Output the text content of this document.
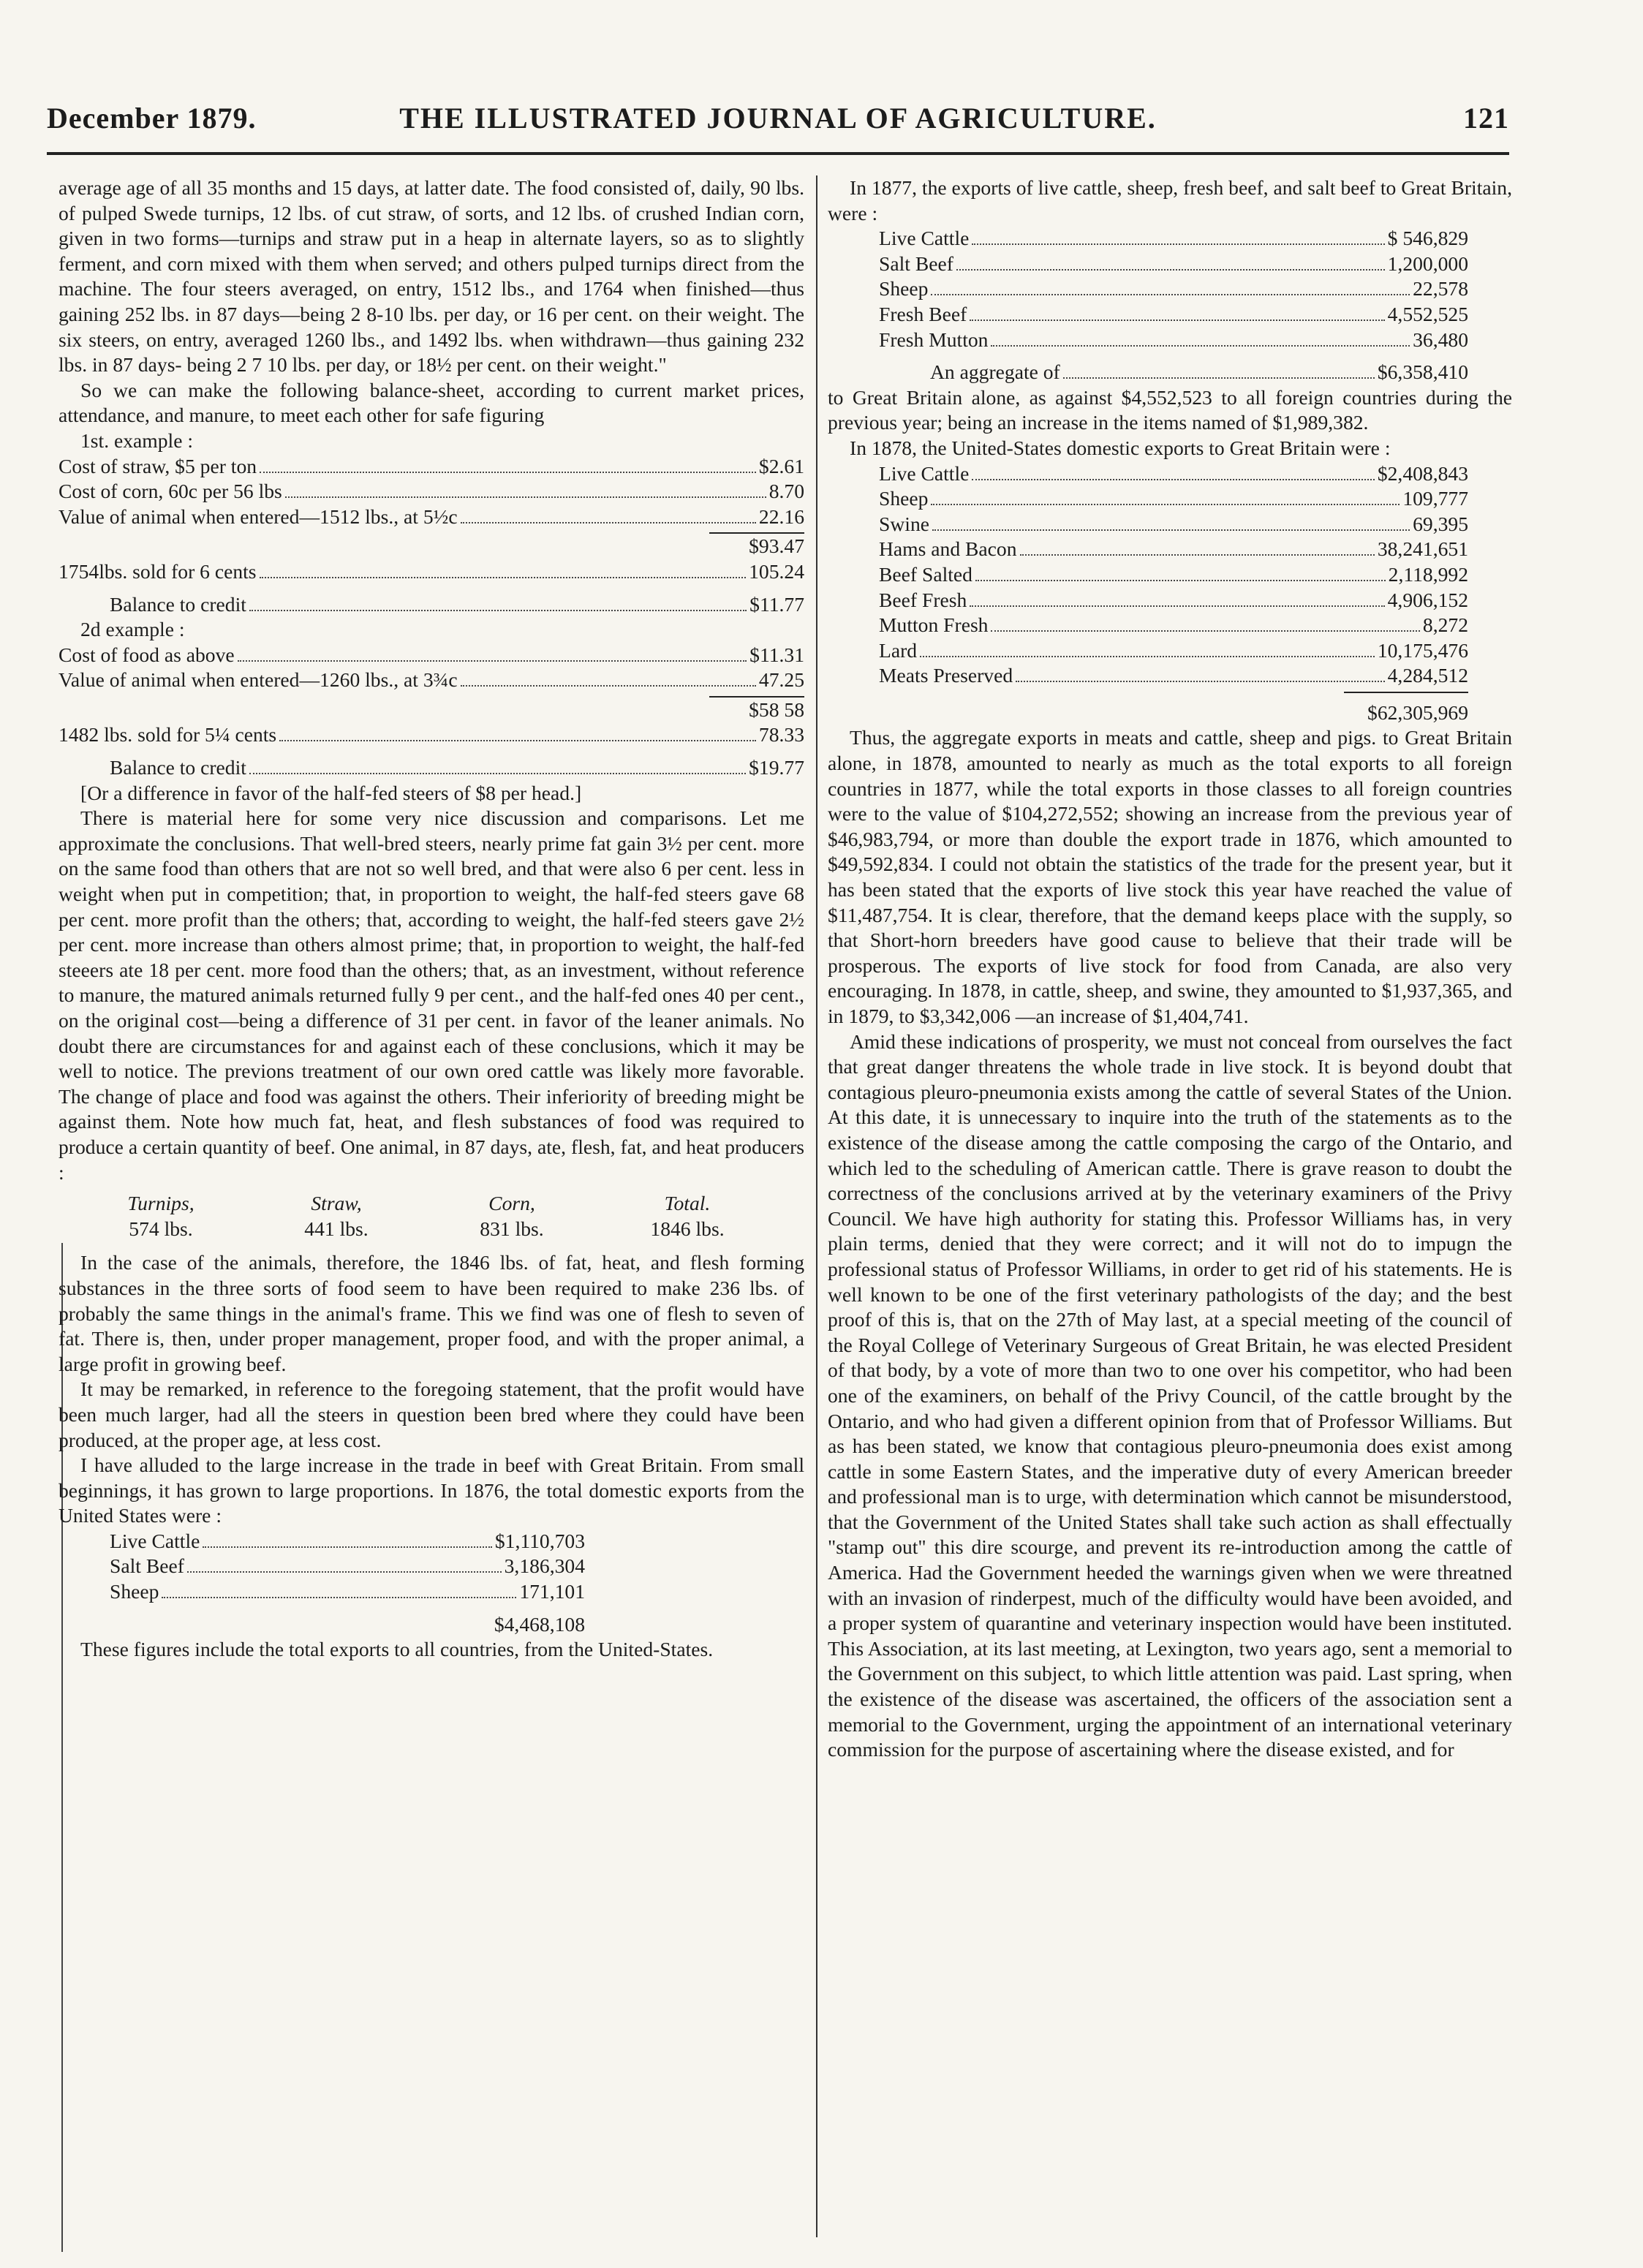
December 1879.	THE ILLUSTRATED JOURNAL OF AGRICULTURE.	121

average age of all 35 months and 15 days, at latter date. The food consisted of, daily, 90 lbs. of pulped Swede turnips, 12 lbs. of cut straw, of sorts, and 12 lbs. of crushed Indian corn, given in two forms—turnips and straw put in a heap in alternate layers, so as to slightly ferment, and corn mixed with them when served; and others pulped turnips direct from the machine. The four steers averaged, on entry, 1512 lbs., and 1764 when finished—thus gaining 252 lbs. in 87 days—being 2 8-10 lbs. per day, or 16 per cent. on their weight. The six steers, on entry, averaged 1260 lbs., and 1492 lbs. when withdrawn—thus gaining 232 lbs. in 87 days- being 2 7 10 lbs. per day, or 18½ per cent. on their weight."

So we can make the following balance-sheet, according to current market prices, attendance, and manure, to meet each other for safe figuring

1st. example :

Cost of straw, $5 per ton	$2.61
Cost of corn, 60c per 56 lbs	8.70
Value of animal when entered—1512 lbs., at 5½c	22.16
$93.47
1754lbs. sold for 6 cents	105.24
Balance to credit	$11.77

2d example :

Cost of food as above	$11.31
Value of animal when entered—1260 lbs., at 3¾c	47.25
$58 58
1482 lbs. sold for 5¼ cents	78.33
Balance to credit	$19.77

[Or a difference in favor of the half-fed steers of $8 per head.]

There is material here for some very nice discussion and comparisons. Let me approximate the conclusions. That well-bred steers, nearly prime fat gain 3½ per cent. more on the same food than others that are not so well bred, and that were also 6 per cent. less in weight when put in competition; that, in proportion to weight, the half-fed steers gave 68 per cent. more profit than the others; that, according to weight, the half-fed steers gave 2½ per cent. more increase than others almost prime; that, in proportion to weight, the half-fed steeers ate 18 per cent. more food than the others; that, as an investment, without reference to manure, the matured animals returned fully 9 per cent., and the half-fed ones 40 per cent., on the original cost—being a difference of 31 per cent. in favor of the leaner animals. No doubt there are circumstances for and against each of these conclusions, which it may be well to notice. The previons treatment of our own ored cattle was likely more favorable. The change of place and food was against the others. Their inferiority of breeding might be against them. Note how much fat, heat, and flesh substances of food was required to produce a certain quantity of beef. One animal, in 87 days, ate, flesh, fat, and heat producers :

Turnips,	Straw,	Corn,	Total.
574 lbs.	441 lbs.	831 lbs.	1846 lbs.

In the case of the animals, therefore, the 1846 lbs. of fat, heat, and flesh forming substances in the three sorts of food seem to have been required to make 236 lbs. of probably the same things in the animal's frame. This we find was one of flesh to seven of fat. There is, then, under proper management, proper food, and with the proper animal, a large profit in growing beef.

It may be remarked, in reference to the foregoing statement, that the profit would have been much larger, had all the steers in question been bred where they could have been produced, at the proper age, at less cost.

I have alluded to the large increase in the trade in beef with Great Britain. From small beginnings, it has grown to large proportions. In 1876, the total domestic exports from the United States were :

Live Cattle	$1,110,703
Salt Beef	3,186,304
Sheep	171,101
$4,468,108

These figures include the total exports to all countries, from the United-States.

In 1877, the exports of live cattle, sheep, fresh beef, and salt beef to Great Britain, were :

Live Cattle	$ 546,829
Salt Beef	1,200,000
Sheep	22,578
Fresh Beef	4,552,525
Fresh Mutton	36,480
An aggregate of	$6,358,410

to Great Britain alone, as against $4,552,523 to all foreign countries during the previous year; being an increase in the items named of $1,989,382.

In 1878, the United-States domestic exports to Great Britain were :

Live Cattle	$2,408,843
Sheep	109,777
Swine	69,395
Hams and Bacon	38,241,651
Beef Salted	2,118,992
Beef Fresh	4,906,152
Mutton Fresh	8,272
Lard	10,175,476
Meats Preserved	4,284,512
$62,305,969

Thus, the aggregate exports in meats and cattle, sheep and pigs. to Great Britain alone, in 1878, amounted to nearly as much as the total exports to all foreign countries in 1877, while the total exports in those classes to all foreign countries were to the value of $104,272,552; showing an increase from the previous year of $46,983,794, or more than double the export trade in 1876, which amounted to $49,592,834. I could not obtain the statistics of the trade for the present year, but it has been stated that the exports of live stock this year have reached the value of $11,487,754. It is clear, therefore, that the demand keeps place with the supply, so that Short-horn breeders have good cause to believe that their trade will be prosperous. The exports of live stock for food from Canada, are also very encouraging. In 1878, in cattle, sheep, and swine, they amounted to $1,937,365, and in 1879, to $3,342,006 —an increase of $1,404,741.

Amid these indications of prosperity, we must not conceal from ourselves the fact that great danger threatens the whole trade in live stock. It is beyond doubt that contagious pleuro-pneumonia exists among the cattle of several States of the Union. At this date, it is unnecessary to inquire into the truth of the statements as to the existence of the disease among the cattle composing the cargo of the Ontario, and which led to the scheduling of American cattle. There is grave reason to doubt the correctness of the conclusions arrived at by the veterinary examiners of the Privy Council. We have high authority for stating this. Professor Williams has, in very plain terms, denied that they were correct; and it will not do to impugn the professional status of Professor Williams, in order to get rid of his statements. He is well known to be one of the first veterinary pathologists of the day; and the best proof of this is, that on the 27th of May last, at a special meeting of the council of the Royal College of Veterinary Surgeous of Great Britain, he was elected President of that body, by a vote of more than two to one over his competitor, who had been one of the examiners, on behalf of the Privy Council, of the cattle brought by the Ontario, and who had given a different opinion from that of Professor Williams. But as has been stated, we know that contagious pleuro-pneumonia does exist among cattle in some Eastern States, and the imperative duty of every American breeder and professional man is to urge, with determination which cannot be misunderstood, that the Government of the United States shall take such action as shall effectually "stamp out" this dire scourge, and prevent its re-introduction among the cattle of America. Had the Government heeded the warnings given when we were threatned with an invasion of rinderpest, much of the difficulty would have been avoided, and a proper system of quarantine and veterinary inspection would have been instituted. This Association, at its last meeting, at Lexington, two years ago, sent a memorial to the Government on this subject, to which little attention was paid. Last spring, when the existence of the disease was ascertained, the officers of the association sent a memorial to the Government, urging the appointment of an international veterinary commission for the purpose of ascertaining where the disease existed, and for
